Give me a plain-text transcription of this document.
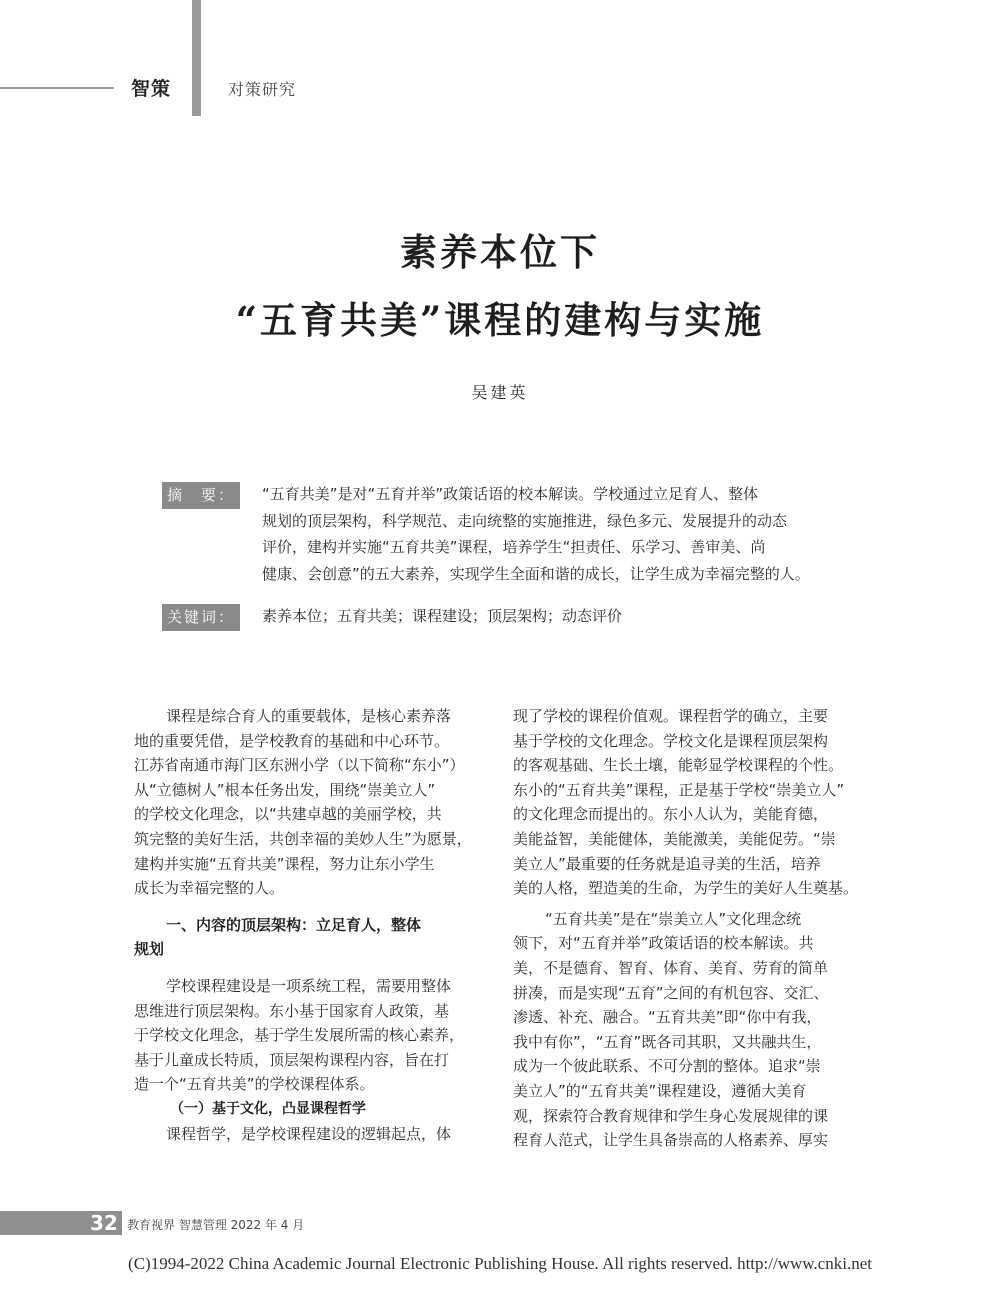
智策	对策研究
素养本位下
“五育共美”课程的建构与实施
吴建英
摘　要：	“五育共美”是对“五育并举”政策话语的校本解读。学校通过立足育人、整体
规划的顶层架构，科学规范、走向统整的实施推进，绿色多元、发展提升的动态
评价，建构并实施“五育共美”课程，培养学生“担责任、乐学习、善审美、尚
健康、会创意”的五大素养，实现学生全面和谐的成长，让学生成为幸福完整的人。
关键词：	素养本位；五育共美；课程建设；顶层架构；动态评价
课程是综合育人的重要载体，是核心素养落
地的重要凭借，是学校教育的基础和中心环节。
江苏省南通市海门区东洲小学（以下简称“东小”）
从“立德树人”根本任务出发，围绕“崇美立人”
的学校文化理念，以“共建卓越的美丽学校，共
筑完整的美好生活，共创幸福的美妙人生”为愿景，
建构并实施“五育共美”课程，努力让东小学生
成长为幸福完整的人。
一、内容的顶层架构：立足育人，整体
规划
学校课程建设是一项系统工程，需要用整体
思维进行顶层架构。东小基于国家育人政策，基
于学校文化理念，基于学生发展所需的核心素养，
基于儿童成长特质，顶层架构课程内容，旨在打
造一个“五育共美”的学校课程体系。
（一）基于文化，凸显课程哲学
课程哲学，是学校课程建设的逻辑起点，体
现了学校的课程价值观。课程哲学的确立，主要
基于学校的文化理念。学校文化是课程顶层架构
的客观基础、生长土壤，能彰显学校课程的个性。
东小的“五育共美”课程，正是基于学校“崇美立人”
的文化理念而提出的。东小人认为，美能育德，
美能益智，美能健体，美能激美，美能促劳。“崇
美立人”最重要的任务就是追寻美的生活，培养
美的人格，塑造美的生命，为学生的美好人生奠基。
“五育共美”是在“崇美立人”文化理念统
领下，对“五育并举”政策话语的校本解读。共
美，不是德育、智育、体育、美育、劳育的简单
拼凑，而是实现“五育”之间的有机包容、交汇、
渗透、补充、融合。“五育共美”即“你中有我，
我中有你”，“五育”既各司其职，又共融共生，
成为一个彼此联系、不可分割的整体。追求“崇
美立人”的“五育共美”课程建设，遵循大美育
观，探索符合教育规律和学生身心发展规律的课
程育人范式，让学生具备崇高的人格素养、厚实
32 教育视界 智慧管理 2022 年 4 月
(C)1994-2022 China Academic Journal Electronic Publishing House. All rights reserved. http://www.cnki.net
